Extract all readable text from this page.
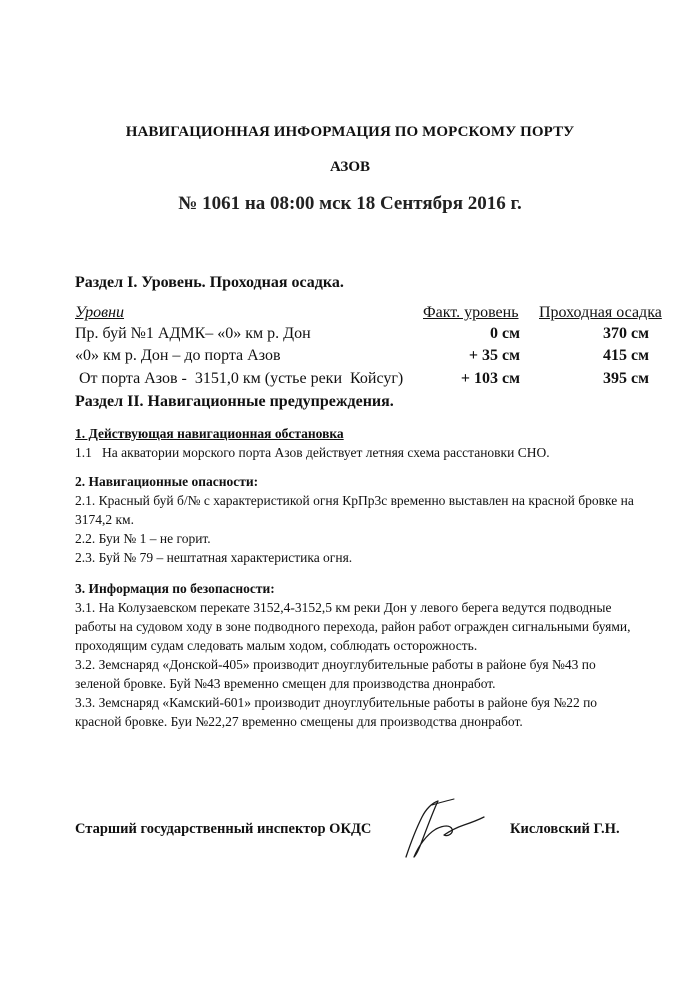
НАВИГАЦИОННАЯ ИНФОРМАЦИЯ ПО МОРСКОМУ ПОРТУ
АЗОВ
№ 1061 на 08:00 мск 18 Сентября 2016 г.
Раздел I. Уровень. Проходная осадка.
Уровни	Факт. уровень Проходная осадка
Пр. буй №1 АДМК– «0» км р. Дон	0 см	370 см
«0» км р. Дон – до порта Азов	+ 35 см	415 см
От порта Азов -  3151,0 км (устье реки  Койсуг)	+ 103 см	395 см
Раздел II. Навигационные предупреждения.

1. Действующая навигационная обстановка

1.1   На акватории морского порта Азов действует летняя схема расстановки СНО.

2. Навигационные опасности:

2.1. Красный буй б/№ с характеристикой огня КрПр3с временно выставлен на красной бровке на

3174,2 км.

2.2. Буи № 1 – не горит.

2.3. Буй № 79 – нештатная характеристика огня.

3. Информация по безопасности:

3.1. На Колузаевском перекате 3152,4-3152,5 км реки Дон у левого берега ведутся подводные

работы на судовом ходу в зоне подводного перехода, район работ огражден сигнальными буями,

проходящим судам следовать малым ходом, соблюдать осторожность.

3.2. Земснаряд «Донской-405» производит дноуглубительные работы в районе буя №43 по

зеленой бровке. Буй №43 временно смещен для производства днонработ.

3.3. Земснаряд «Камский-601» производит дноуглубительные работы в районе буя №22 по

красной бровке. Буи №22,27 временно смещены для производства днонработ.

Старший государственный инспектор ОКДС	Кисловский Г.Н.
